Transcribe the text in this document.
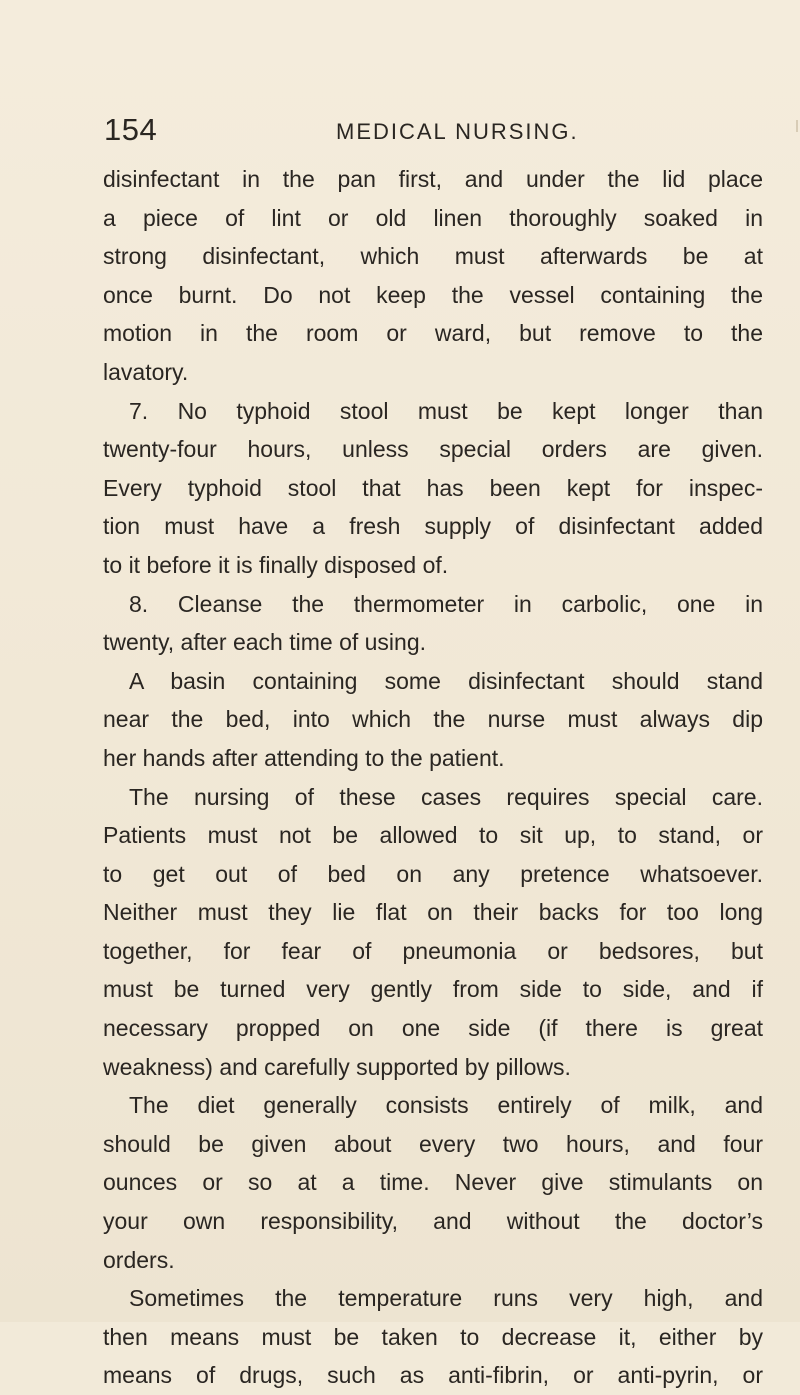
154	MEDICAL NURSING.
disinfectant in the pan first, and under the lid place
a piece of lint or old linen thoroughly soaked in
strong disinfectant, which must afterwards be at
once burnt. Do not keep the vessel containing the
motion in the room or ward, but remove to the
lavatory.
7. No typhoid stool must be kept longer than
twenty-four hours, unless special orders are given.
Every typhoid stool that has been kept for inspec-
tion must have a fresh supply of disinfectant added
to it before it is finally disposed of.
8. Cleanse the thermometer in carbolic, one in
twenty, after each time of using.
A basin containing some disinfectant should stand
near the bed, into which the nurse must always dip
her hands after attending to the patient.
The nursing of these cases requires special care.
Patients must not be allowed to sit up, to stand, or
to get out of bed on any pretence whatsoever.
Neither must they lie flat on their backs for too long
together, for fear of pneumonia or bedsores, but
must be turned very gently from side to side, and if
necessary propped on one side (if there is great
weakness) and carefully supported by pillows.
The diet generally consists entirely of milk, and
should be given about every two hours, and four
ounces or so at a time. Never give stimulants on
your own responsibility, and without the doctor’s
orders.
Sometimes the temperature runs very high, and
then means must be taken to decrease it, either by
means of drugs, such as anti-fibrin, or anti-pyrin, or
